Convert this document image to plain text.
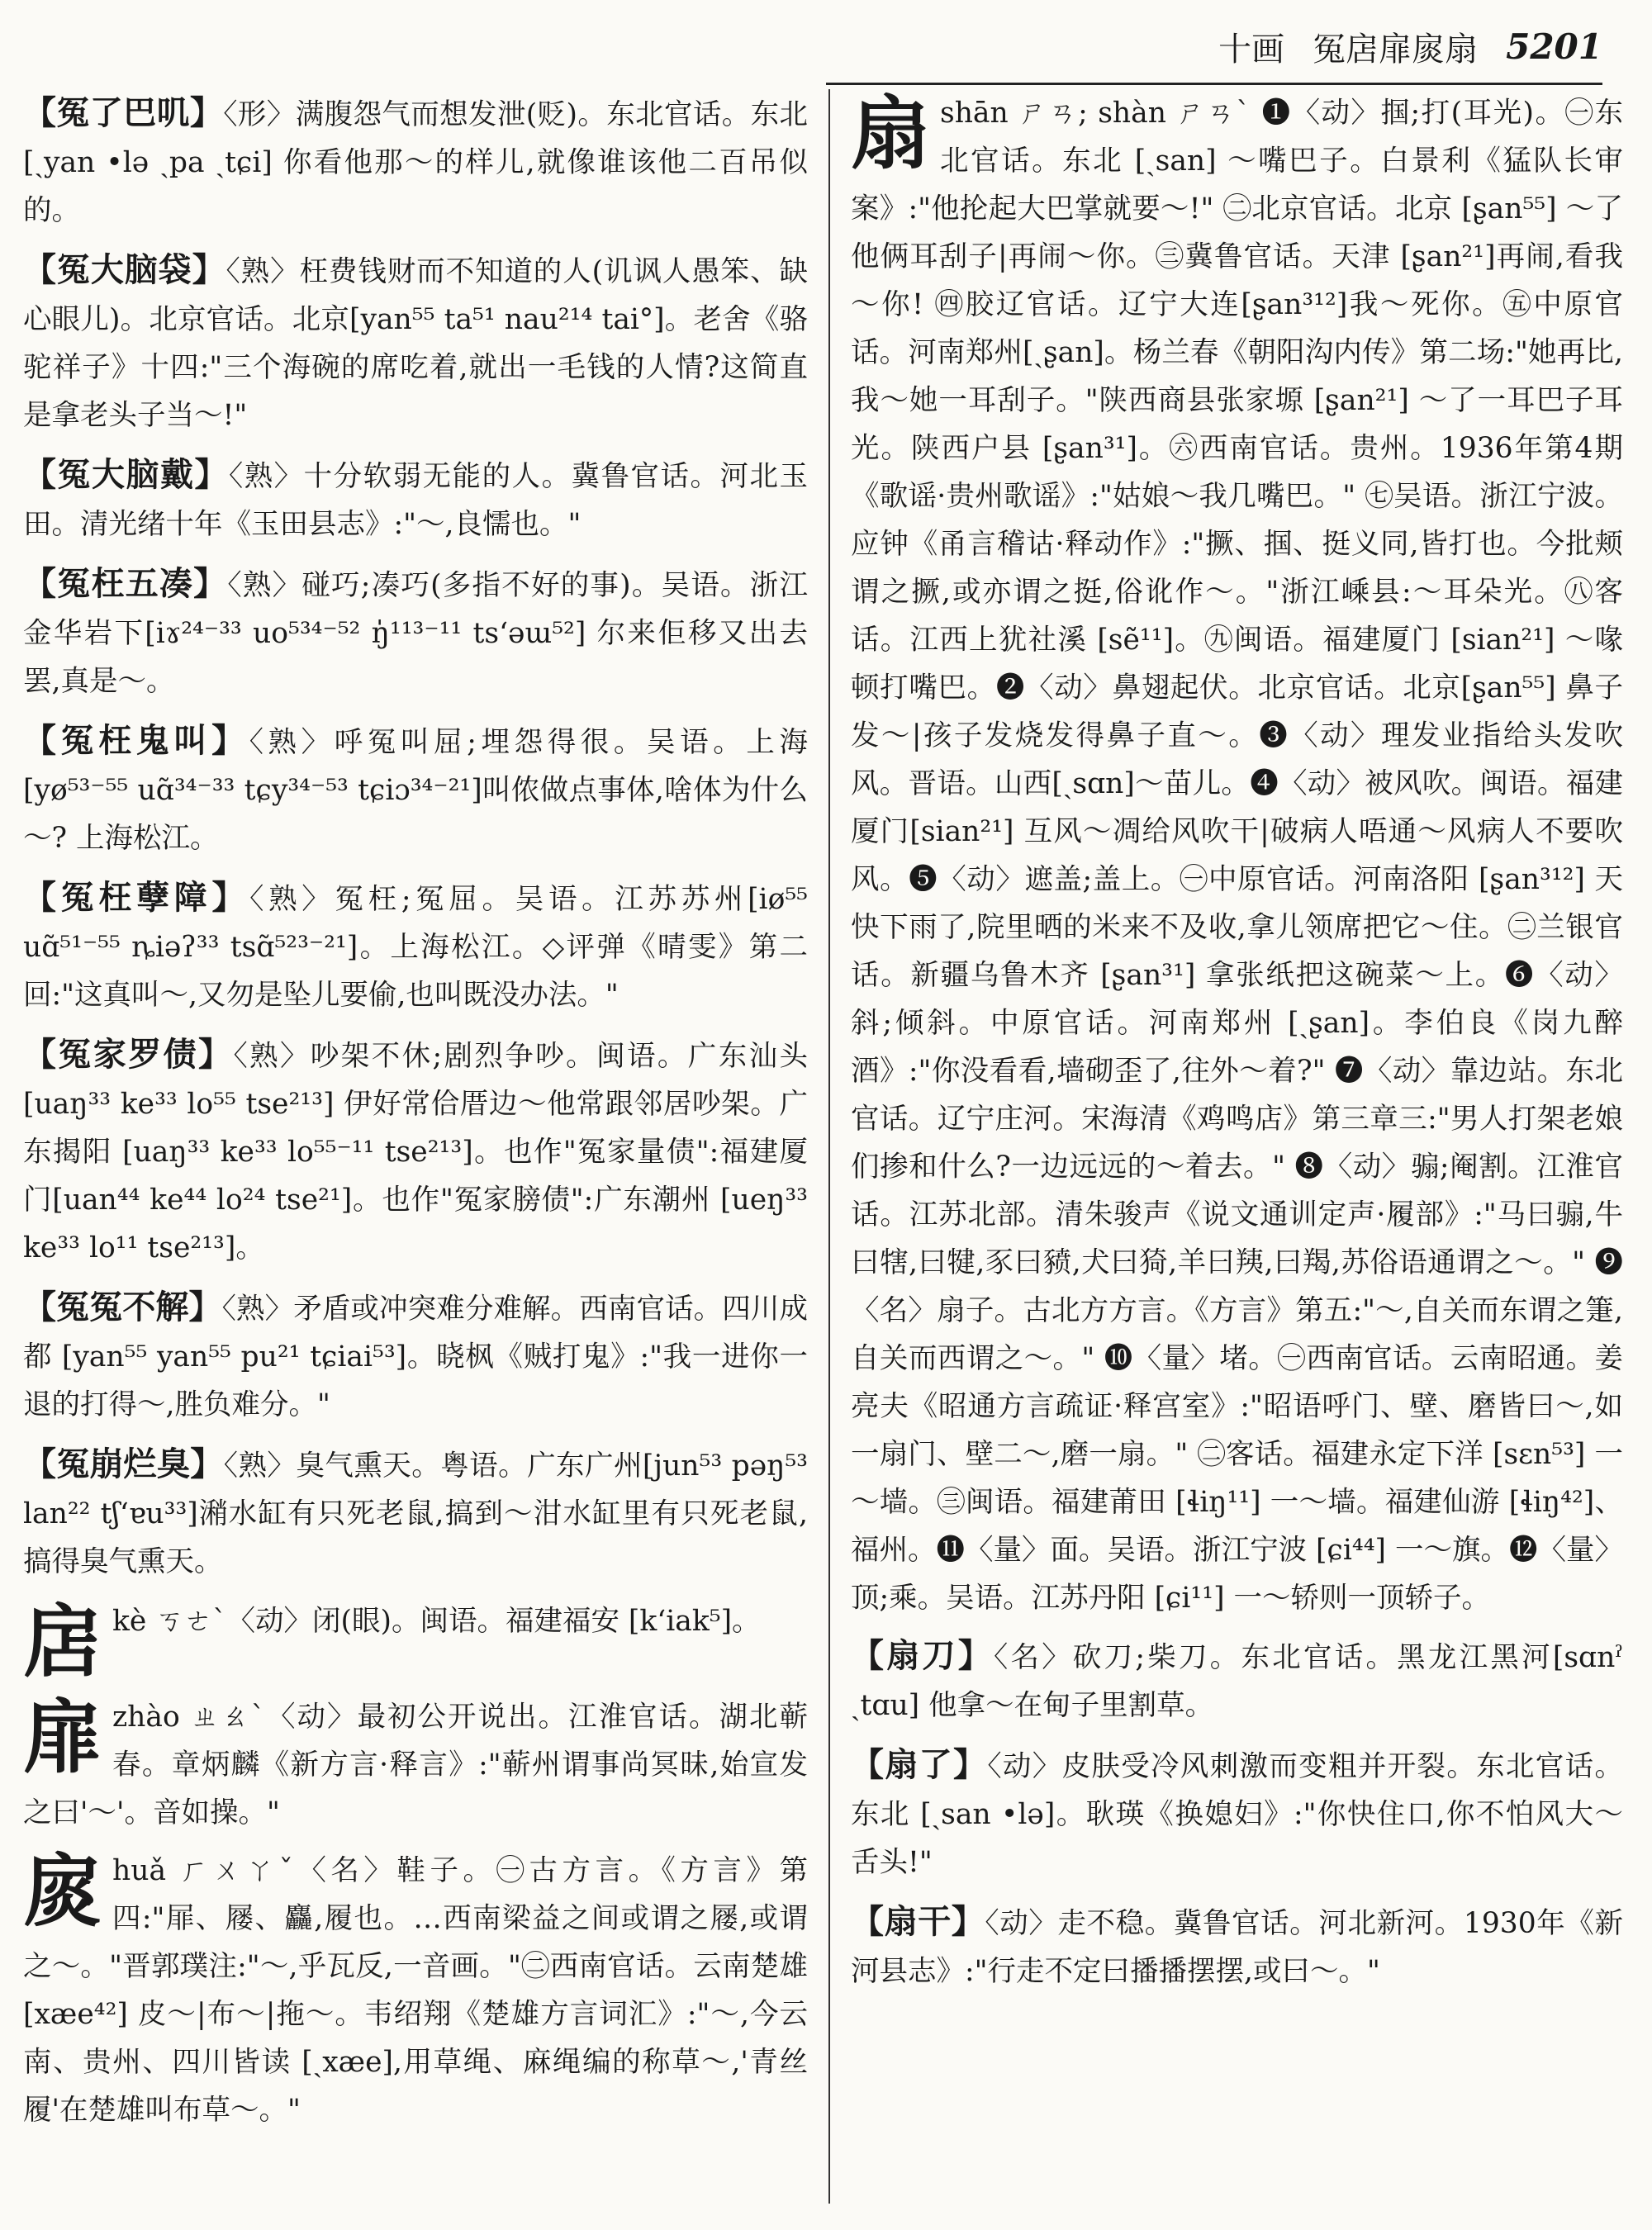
十画 冤扂扉扊扇 5201
【冤了巴叽】〈形〉满腹怨气而想发泄(贬)。东北官话。东北 [ˏyan •lə ˏpa ˏtɕi] 你看他那～的样儿,就像谁该他二百吊似的。
【冤大脑袋】〈熟〉枉费钱财而不知道的人(讥讽人愚笨、缺心眼儿)。北京官话。北京[yan⁵⁵ ta⁵¹ nau²¹⁴ tai°]。老舍《骆驼祥子》十四:"三个海碗的席吃着,就出一毛钱的人情?这简直是拿老头子当～!"
【冤大脑戴】〈熟〉十分软弱无能的人。冀鲁官话。河北玉田。清光绪十年《玉田县志》:"～,良懦也。"
【冤枉五凑】〈熟〉碰巧;凑巧(多指不好的事)。吴语。浙江金华岩下[iɤ²⁴⁻³³ uo⁵³⁴⁻⁵² ŋ̍¹¹³⁻¹¹ tsʻəɯ⁵²] 尔来佢移又出去罢,真是～。
【冤枉鬼叫】〈熟〉呼冤叫屈;埋怨得很。吴语。上海 [yø⁵³⁻⁵⁵ uɑ̃³⁴⁻³³ tɕy³⁴⁻⁵³ tɕiɔ³⁴⁻²¹]叫侬做点事体,啥体为什么～? 上海松江。
【冤枉孽障】〈熟〉冤枉;冤屈。吴语。江苏苏州[iø⁵⁵ uɑ̃⁵¹⁻⁵⁵ ȵiəʔ³³ tsɑ̃⁵²³⁻²¹]。上海松江。◇评弹《晴雯》第二回:"这真叫～,又勿是坠儿要偷,也叫既没办法。"
【冤家罗债】〈熟〉吵架不休;剧烈争吵。闽语。广东汕头 [uaŋ³³ ke³³ lo⁵⁵ tse²¹³] 伊好常佮厝边～他常跟邻居吵架。广东揭阳 [uaŋ³³ ke³³ lo⁵⁵⁻¹¹ tse²¹³]。也作"冤家量债":福建厦门[uan⁴⁴ ke⁴⁴ lo²⁴ tse²¹]。也作"冤家膀债":广东潮州 [ueŋ³³ ke³³ lo¹¹ tse²¹³]。
【冤冤不解】〈熟〉矛盾或冲突难分难解。西南官话。四川成都 [yan⁵⁵ yan⁵⁵ pu²¹ tɕiai⁵³]。晓枫《贼打鬼》:"我一进你一退的打得～,胜负难分。"
【冤崩烂臭】〈熟〉臭气熏天。粤语。广东广州[jun⁵³ pəŋ⁵³ lan²² tʃʻɐu³³]潲水缸有只死老鼠,搞到～泔水缸里有只死老鼠,搞得臭气熏天。
扂kè ㄎㄜˋ〈动〉闭(眼)。闽语。福建福安 [kʻiak⁵]。
扉zhào ㄓㄠˋ〈动〉最初公开说出。江淮官话。湖北蕲春。章炳麟《新方言·释言》:"蕲州谓事尚冥昧,始宣发之曰'～'。音如操。"
扊huǎ ㄏㄨㄚˇ〈名〉鞋子。㊀古方言。《方言》第四:"屝、屦、麤,履也。…西南梁益之间或谓之屦,或谓之～。"晋郭璞注:"～,乎瓦反,一音画。"㊁西南官话。云南楚雄 [xæe⁴²] 皮～|布～|拖～。韦绍翔《楚雄方言词汇》:"～,今云南、贵州、四川皆读 [ˏxæe],用草绳、麻绳编的称草～,'青丝履'在楚雄叫布草～。"
扇shān ㄕㄢ; shàn ㄕㄢˋ ❶〈动〉掴;打(耳光)。㊀东北官话。东北 [ˏsan] ～嘴巴子。白景利《猛队长审案》:"他抡起大巴掌就要～!" ㊁北京官话。北京 [ʂan⁵⁵] ～了他俩耳刮子|再闹～你。㊂冀鲁官话。天津 [ʂan²¹]再闹,看我～你! ㊃胶辽官话。辽宁大连[ʂan³¹²]我～死你。㊄中原官话。河南郑州[ˏʂan]。杨兰春《朝阳沟内传》第二场:"她再比,我～她一耳刮子。"陕西商县张家塬 [ʂan²¹] ～了一耳巴子耳光。陕西户县 [ʂan³¹]。㊅西南官话。贵州。1936年第4期《歌谣·贵州歌谣》:"姑娘～我几嘴巴。" ㊆吴语。浙江宁波。应钟《甬言稽诂·释动作》:"撅、掴、挺义同,皆打也。今批颊谓之撅,或亦谓之挺,俗讹作～。"浙江嵊县:～耳朵光。㊇客话。江西上犹社溪 [sẽ¹¹]。㊈闽语。福建厦门 [sian²¹] ～喙顿打嘴巴。❷〈动〉鼻翅起伏。北京官话。北京[ʂan⁵⁵] 鼻子发～|孩子发烧发得鼻子直～。❸〈动〉理发业指给头发吹风。晋语。山西[ˏsɑn]～苗儿。❹〈动〉被风吹。闽语。福建厦门[sian²¹] 互风～凋给风吹干|破病人唔通～风病人不要吹风。❺〈动〉遮盖;盖上。㊀中原官话。河南洛阳 [ʂan³¹²] 天快下雨了,院里晒的米来不及收,拿儿领席把它～住。㊁兰银官话。新疆乌鲁木齐 [ʂan³¹] 拿张纸把这碗菜～上。❻〈动〉斜;倾斜。中原官话。河南郑州 [ˏʂan]。李伯良《岗九醉酒》:"你没看看,墙砌歪了,往外～着?" ❼〈动〉靠边站。东北官话。辽宁庄河。宋海清《鸡鸣店》第三章三:"男人打架老娘们掺和什么?一边远远的～着去。" ❽〈动〉骟;阉割。江淮官话。江苏北部。清朱骏声《说文通训定声·履部》:"马曰骟,牛曰犗,曰犍,豕曰豮,犬曰猗,羊曰羠,曰羯,苏俗语通谓之～。" ❾〈名〉扇子。古北方方言。《方言》第五:"～,自关而东谓之箑,自关而西谓之～。" ❿〈量〉堵。㊀西南官话。云南昭通。姜亮夫《昭通方言疏证·释宫室》:"昭语呼门、壁、磨皆曰～,如一扇门、壁二～,磨一扇。" ㊁客话。福建永定下洋 [sɛn⁵³] 一～墙。㊂闽语。福建莆田 [ɬiŋ¹¹] 一～墙。福建仙游 [ɬiŋ⁴²]、福州。⓫〈量〉面。吴语。浙江宁波 [ɕi⁴⁴] 一～旗。⓬〈量〉顶;乘。吴语。江苏丹阳 [ɕi¹¹] 一～轿则一顶轿子。
【扇刀】〈名〉砍刀;柴刀。东北官话。黑龙江黑河[sɑnˀ ˏtɑu] 他拿～在甸子里割草。
【扇了】〈动〉皮肤受冷风刺激而变粗并开裂。东北官话。东北 [ˏsan •lə]。耿瑛《换媳妇》:"你快住口,你不怕风大～舌头!"
【扇干】〈动〉走不稳。冀鲁官话。河北新河。1930年《新河县志》:"行走不定曰播播摆摆,或曰～。"
